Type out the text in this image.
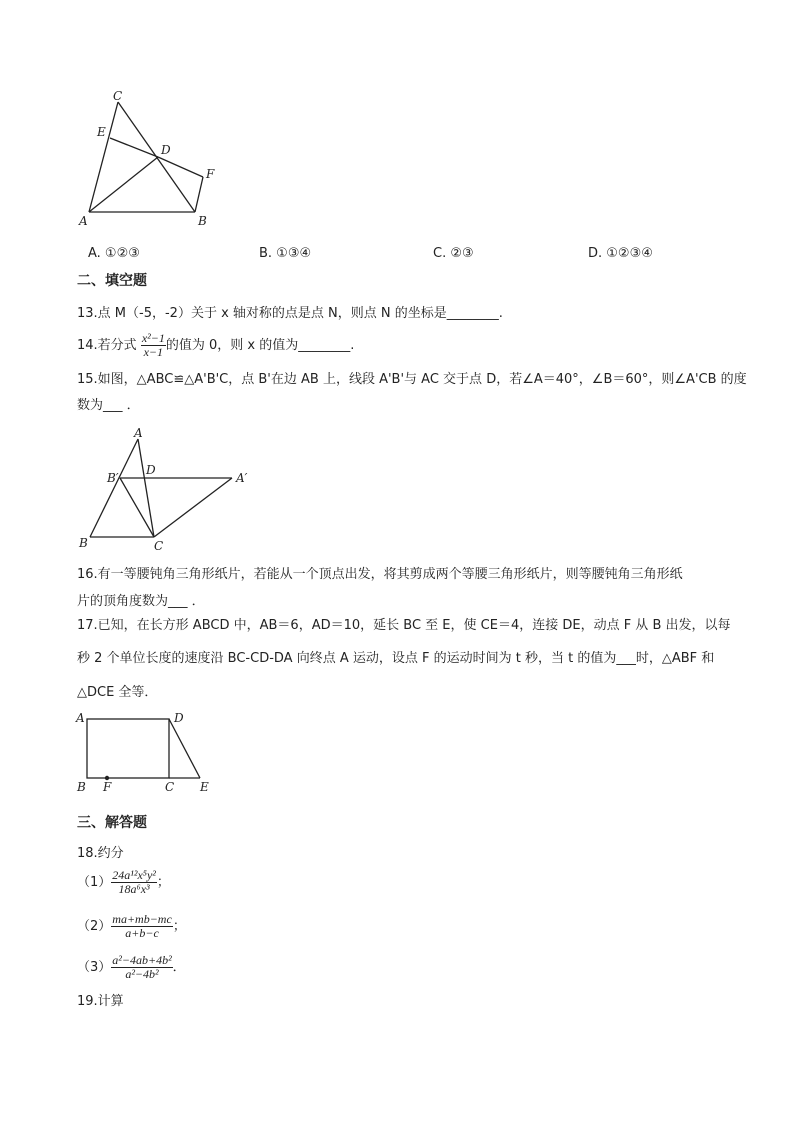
C
E
D
F
A	B
A. ①②③	B. ①③④	C. ②③	D. ①②③④
二、填空题
13.点 M（-5，-2）关于 x 轴对称的点是点 N，则点 N 的坐标是________.
14.若分式 $\frac{\text{x²−1}}{x-1}$ 的值为 0，则 x 的值为________.
15.如图，△ABC≌△A'B'C，点 B'在边 AB 上，线段 A'B'与 AC 交于点 D，若∠A＝40°，∠B＝60°，则∠A'CB 的度
数为___ ．
A
B′
D
A′
B	C
16.有一等腰钝角三角形纸片，若能从一个顶点出发，将其剪成两个等腰三角形纸片，则等腰钝角三角形纸
片的顶角度数为___ ．
17.已知，在长方形 ABCD 中，AB＝6，AD＝10，延长 BC 至 E，使 CE＝4，连接 DE，动点 F 从 B 出发，以每
秒 2 个单位长度的速度沿 BC-CD-DA 向终点 A 运动，设点 F 的运动时间为 t 秒，当 t 的值为___时，△ABF 和
△DCE 全等．
A	D
B F	C E
三、解答题
18.约分
$(1) \frac{\text{24a¹²x⁵y²}}{\text{18a⁶x³}}$ ；
$(2) \frac{ma+mb-mc}{a+b-c}$ ；
$(3) \frac{\text{a²−4ab+4b²}}{\text{a²−4b²}}$ ．
19.计算
